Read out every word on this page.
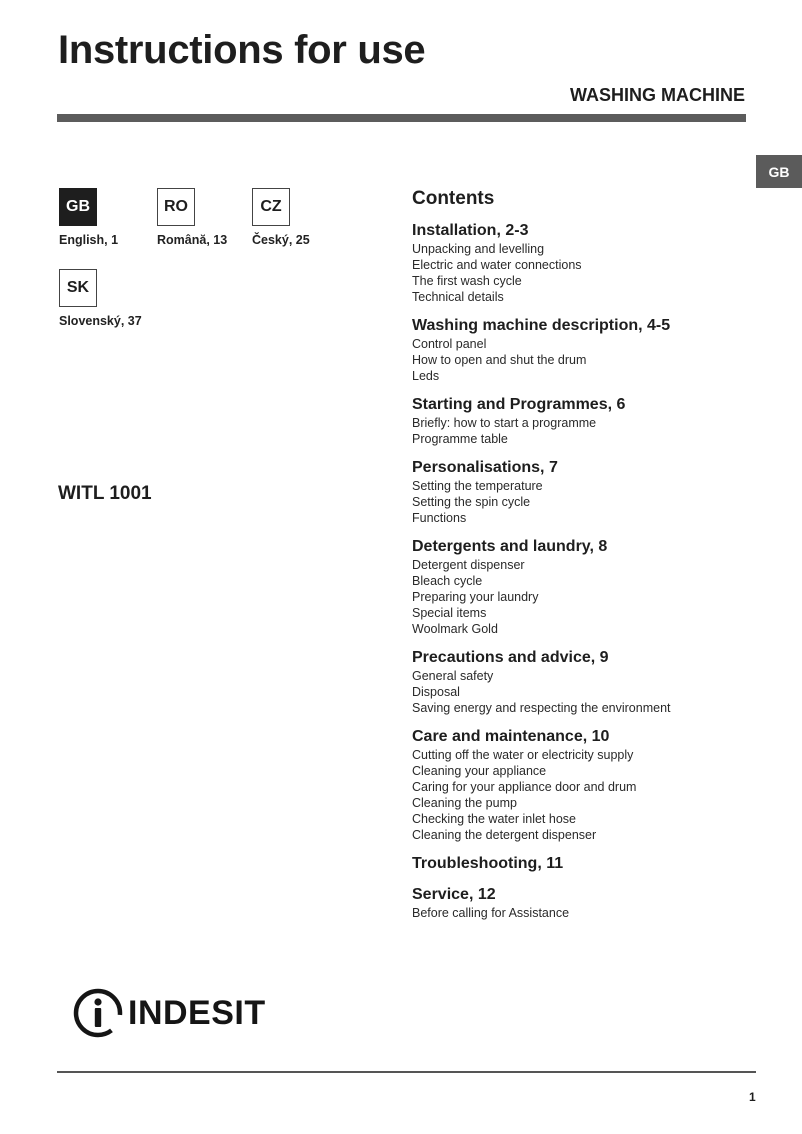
Instructions for use
WASHING MACHINE
GB
GB
English, 1
RO
Română, 13
CZ
Český, 25
SK
Slovenský, 37
WITL 1001
Contents
Installation, 2-3
Unpacking and levelling
Electric and water connections
The first wash cycle
Technical details
Washing machine description, 4-5
Control panel
How to open and shut the drum
Leds
Starting and Programmes, 6
Briefly: how to start a programme
Programme table
Personalisations, 7
Setting the temperature
Setting the spin cycle
Functions
Detergents and laundry, 8
Detergent dispenser
Bleach cycle
Preparing your laundry
Special items
Woolmark Gold
Precautions and advice, 9
General safety
Disposal
Saving energy and respecting the environment
Care and maintenance, 10
Cutting off the water or electricity supply
Cleaning your appliance
Caring for your appliance door and drum
Cleaning the pump
Checking the water inlet hose
Cleaning the detergent dispenser
Troubleshooting, 11
Service, 12
Before calling for Assistance
INDESIT
1
